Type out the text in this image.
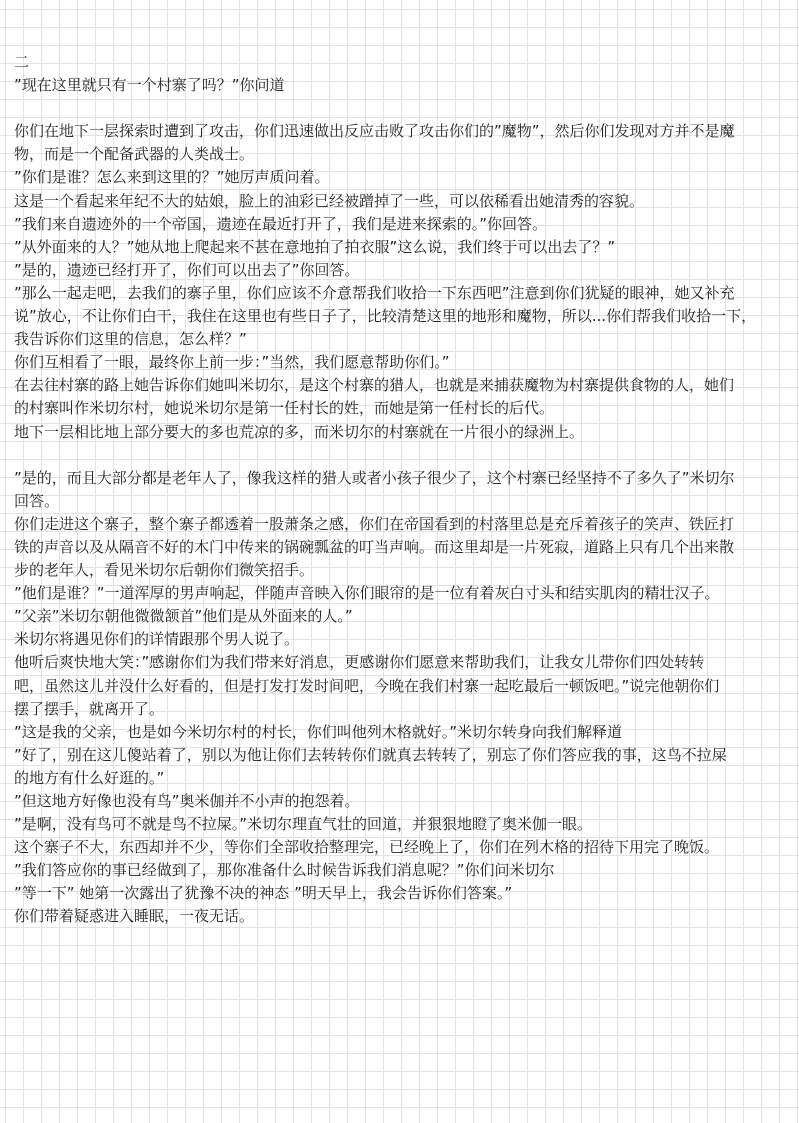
二
”现在这里就只有一个村寨了吗？”你问道
你们在地下一层探索时遭到了攻击，你们迅速做出反应击败了攻击你们的”魔物”，然后你们发现对方并不是魔
物，而是一个配备武器的人类战士。
”你们是谁？怎么来到这里的？”她厉声质问着。
这是一个看起来年纪不大的姑娘，脸上的油彩已经被蹭掉了一些，可以依稀看出她清秀的容貌。
”我们来自遗迹外的一个帝国，遗迹在最近打开了，我们是进来探索的。”你回答。
”从外面来的人？”她从地上爬起来不甚在意地拍了拍衣服”这么说，我们终于可以出去了？”
”是的，遗迹已经打开了，你们可以出去了”你回答。
”那么一起走吧，去我们的寨子里，你们应该不介意帮我们收拾一下东西吧”注意到你们犹疑的眼神，她又补充
说”放心，不让你们白干，我住在这里也有些日子了，比较清楚这里的地形和魔物，所以...你们帮我们收拾一下，
我告诉你们这里的信息，怎么样？”
你们互相看了一眼，最终你上前一步：”当然，我们愿意帮助你们。”
在去往村寨的路上她告诉你们她叫米切尔，是这个村寨的猎人，也就是来捕获魔物为村寨提供食物的人，她们
的村寨叫作米切尔村，她说米切尔是第一任村长的姓，而她是第一任村长的后代。
地下一层相比地上部分要大的多也荒凉的多，而米切尔的村寨就在一片很小的绿洲上。
”是的，而且大部分都是老年人了，像我这样的猎人或者小孩子很少了，这个村寨已经坚持不了多久了”米切尔
回答。
你们走进这个寨子，整个寨子都透着一股萧条之感，你们在帝国看到的村落里总是充斥着孩子的笑声、铁匠打
铁的声音以及从隔音不好的木门中传来的锅碗瓢盆的叮当声响。而这里却是一片死寂，道路上只有几个出来散
步的老年人，看见米切尔后朝你们微笑招手。
”他们是谁？”一道浑厚的男声响起，伴随声音映入你们眼帘的是一位有着灰白寸头和结实肌肉的精壮汉子。
”父亲”米切尔朝他微微颔首”他们是从外面来的人。”
米切尔将遇见你们的详情跟那个男人说了。
他听后爽快地大笑：”感谢你们为我们带来好消息，更感谢你们愿意来帮助我们，让我女儿带你们四处转转
吧，虽然这儿并没什么好看的，但是打发打发时间吧，今晚在我们村寨一起吃最后一顿饭吧。”说完他朝你们
摆了摆手，就离开了。
”这是我的父亲，也是如今米切尔村的村长，你们叫他列木格就好。”米切尔转身向我们解释道
”好了，别在这儿傻站着了，别以为他让你们去转转你们就真去转转了，别忘了你们答应我的事，这鸟不拉屎
的地方有什么好逛的。”
”但这地方好像也没有鸟”奥米伽并不小声的抱怨着。
”是啊，没有鸟可不就是鸟不拉屎。”米切尔理直气壮的回道，并狠狠地瞪了奥米伽一眼。
这个寨子不大，东西却并不少，等你们全部收拾整理完，已经晚上了，你们在列木格的招待下用完了晚饭。
”我们答应你的事已经做到了，那你准备什么时候告诉我们消息呢？”你们问米切尔
”等一下” 她第一次露出了犹豫不决的神态 ”明天早上，我会告诉你们答案。”
你们带着疑惑进入睡眠，一夜无话。
